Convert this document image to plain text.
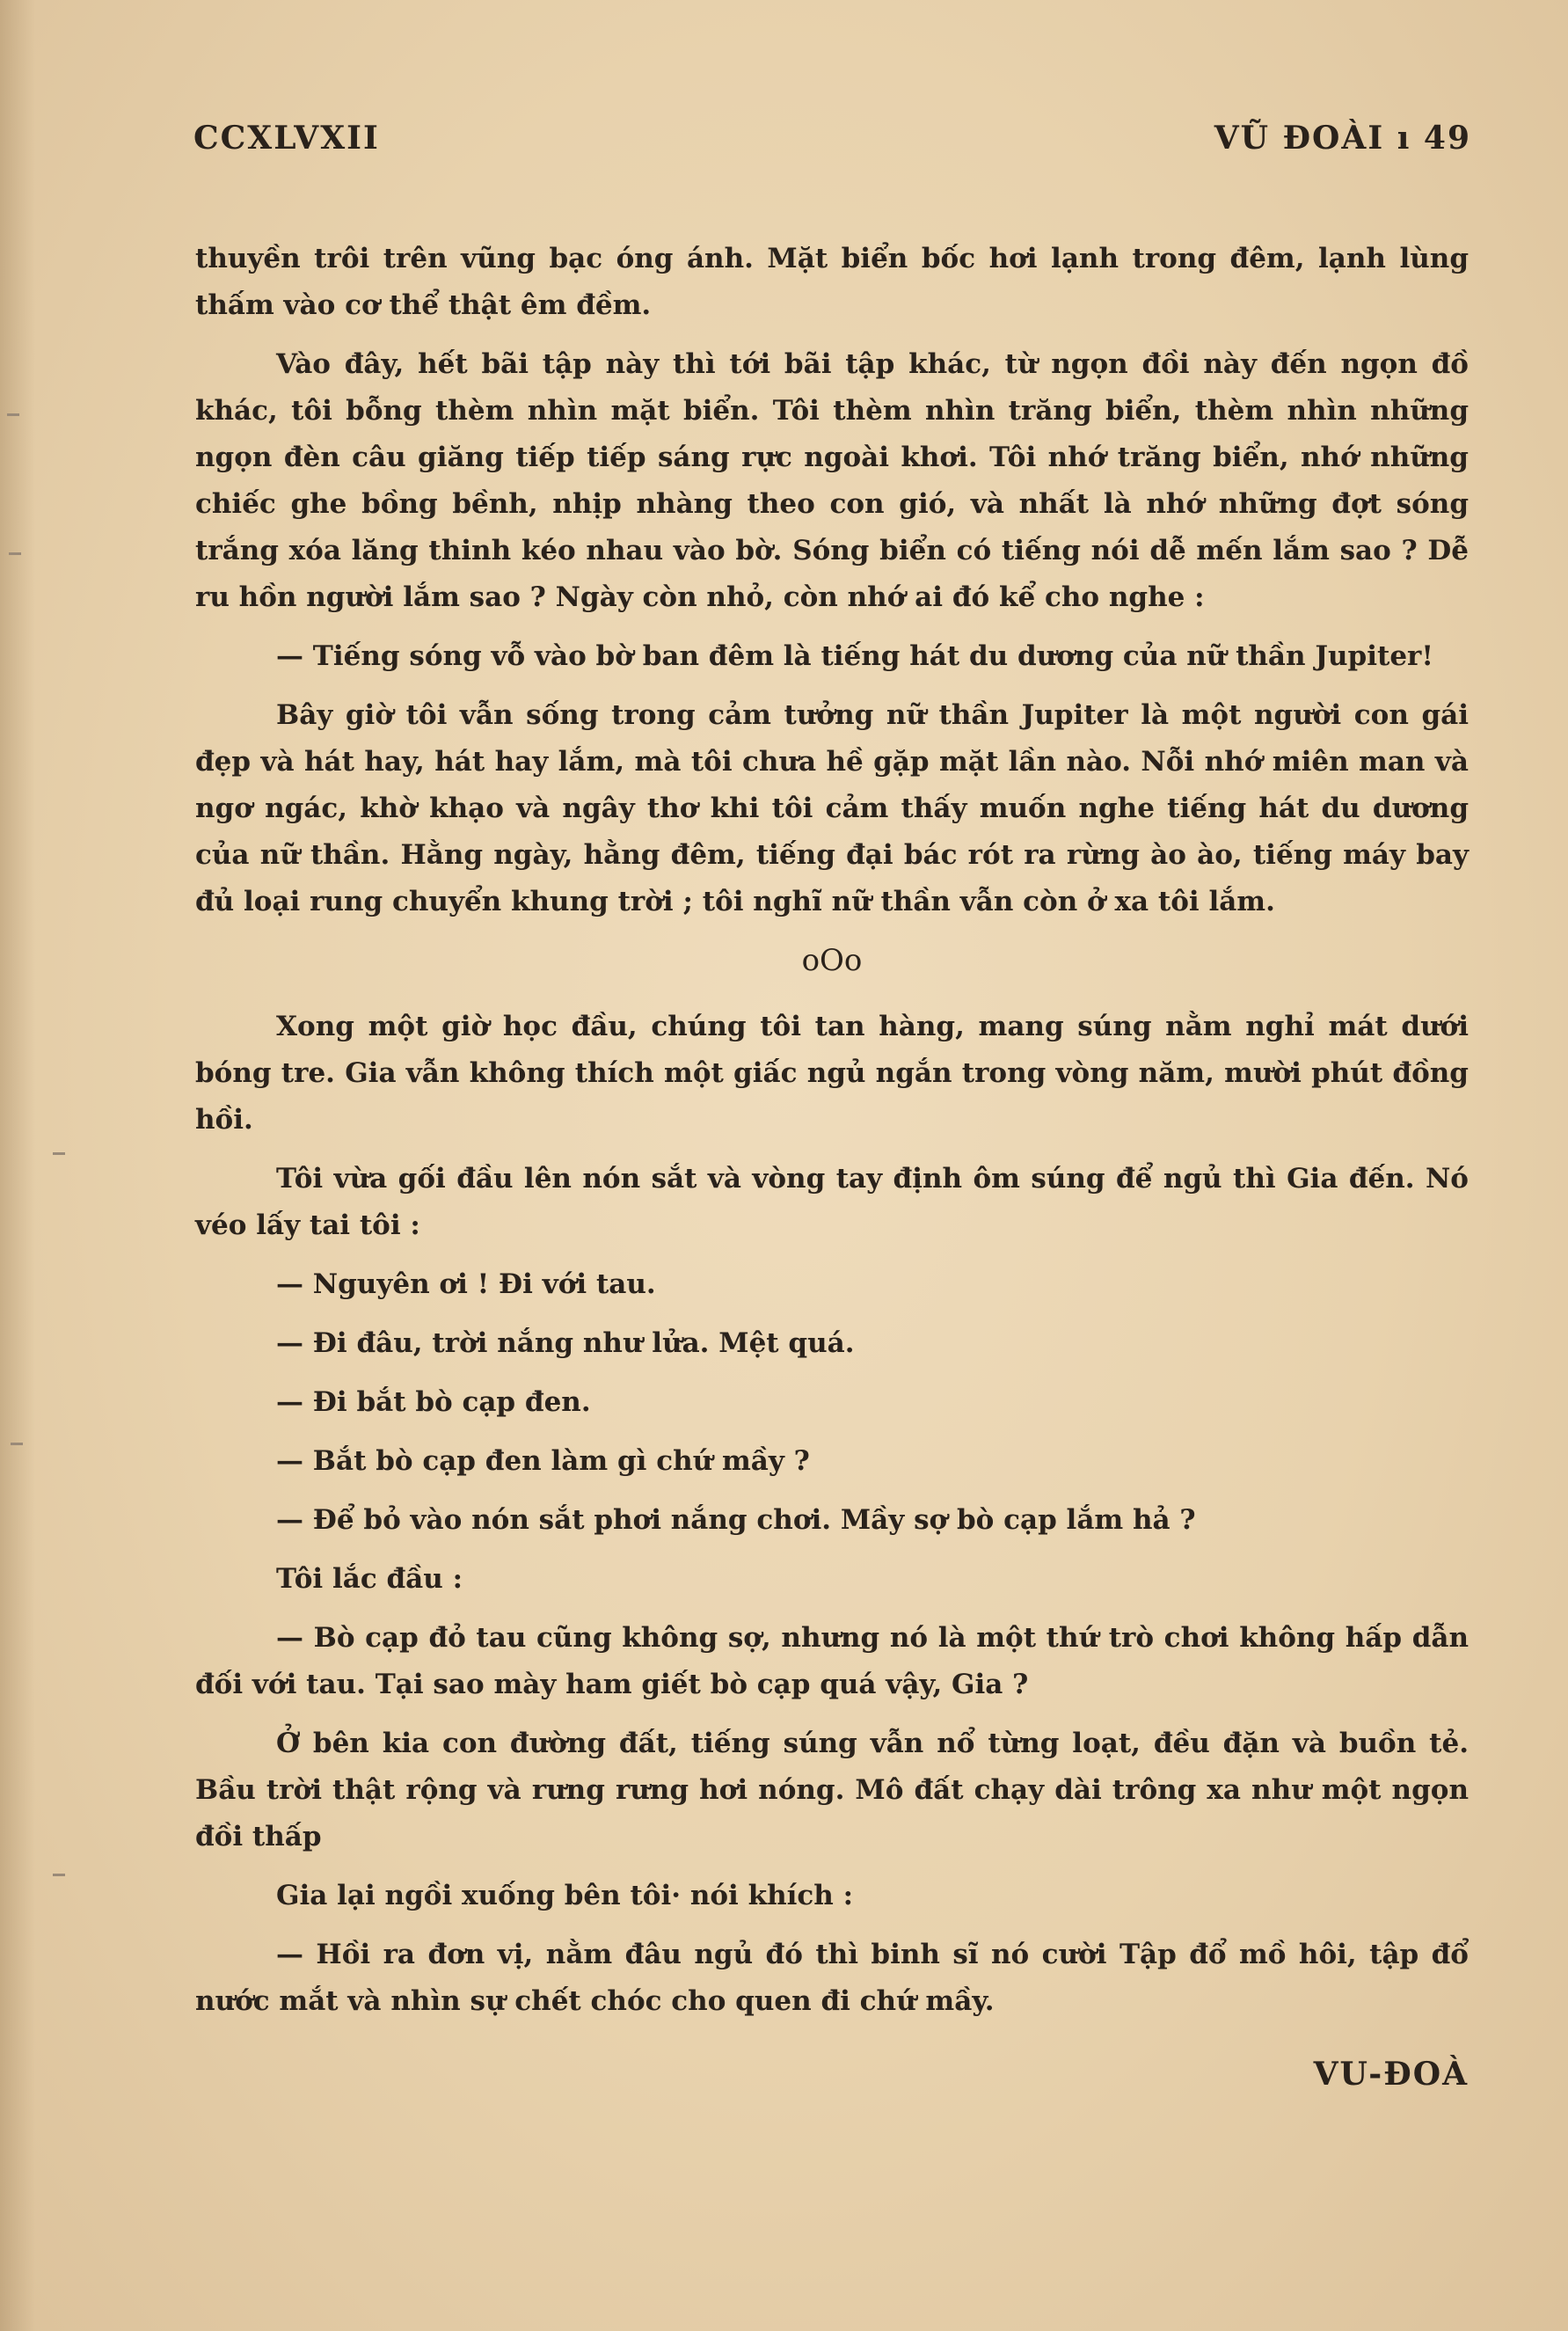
CCXLVXII	VŨ ĐOÀI ı 49

thuyền trôi trên vũng bạc óng ánh. Mặt biển bốc hơi lạnh trong đêm, lạnh lùng thấm vào cơ thể thật êm đềm.

Vào đây, hết bãi tập này thì tới bãi tập khác, từ ngọn đồi này đến ngọn đồ khác, tôi bỗng thèm nhìn mặt biển. Tôi thèm nhìn trăng biển, thèm nhìn những ngọn đèn câu giăng tiếp tiếp sáng rực ngoài khơi. Tôi nhớ trăng biển, nhớ những chiếc ghe bồng bềnh, nhịp nhàng theo con gió, và nhất là nhớ những đợt sóng trắng xóa lăng thinh kéo nhau vào bờ. Sóng biển có tiếng nói dễ mến lắm sao ? Dễ ru hồn người lắm sao ? Ngày còn nhỏ, còn nhớ ai đó kể cho nghe :

— Tiếng sóng vỗ vào bờ ban đêm là tiếng hát du dương của nữ thần Jupiter!

Bây giờ tôi vẫn sống trong cảm tưởng nữ thần Jupiter là một người con gái đẹp và hát hay, hát hay lắm, mà tôi chưa hề gặp mặt lần nào. Nỗi nhớ miên man và ngơ ngác, khờ khạo và ngây thơ khi tôi cảm thấy muốn nghe tiếng hát du dương của nữ thần. Hằng ngày, hằng đêm, tiếng đại bác rót ra rừng ào ào, tiếng máy bay đủ loại rung chuyển khung trời ; tôi nghĩ nữ thần vẫn còn ở xa tôi lắm.

oOo

Xong một giờ học đầu, chúng tôi tan hàng, mang súng nằm nghỉ mát dưới bóng tre. Gia vẫn không thích một giấc ngủ ngắn trong vòng năm, mười phút đồng hồi.

Tôi vừa gối đầu lên nón sắt và vòng tay định ôm súng để ngủ thì Gia đến. Nó véo lấy tai tôi :

— Nguyên ơi ! Đi với tau.

— Đi đâu, trời nắng như lửa. Mệt quá.

— Đi bắt bò cạp đen.

— Bắt bò cạp đen làm gì chứ mầy ?

— Để bỏ vào nón sắt phơi nắng chơi. Mầy sợ bò cạp lắm hả ?

Tôi lắc đầu :

— Bò cạp đỏ tau cũng không sợ, nhưng nó là một thứ trò chơi không hấp dẫn đối với tau. Tại sao mày ham giết bò cạp quá vậy, Gia ?

Ở bên kia con đường đất, tiếng súng vẫn nổ từng loạt, đều đặn và buồn tẻ. Bầu trời thật rộng và rưng rưng hơi nóng. Mô đất chạy dài trông xa như một ngọn đồi thấp

Gia lại ngồi xuống bên tôi· nói khích :

— Hồi ra đơn vị, nằm đâu ngủ đó thì binh sĩ nó cười Tập đổ mồ hôi, tập đổ nước mắt và nhìn sự chết chóc cho quen đi chứ mầy.

VU-ĐOÀ
